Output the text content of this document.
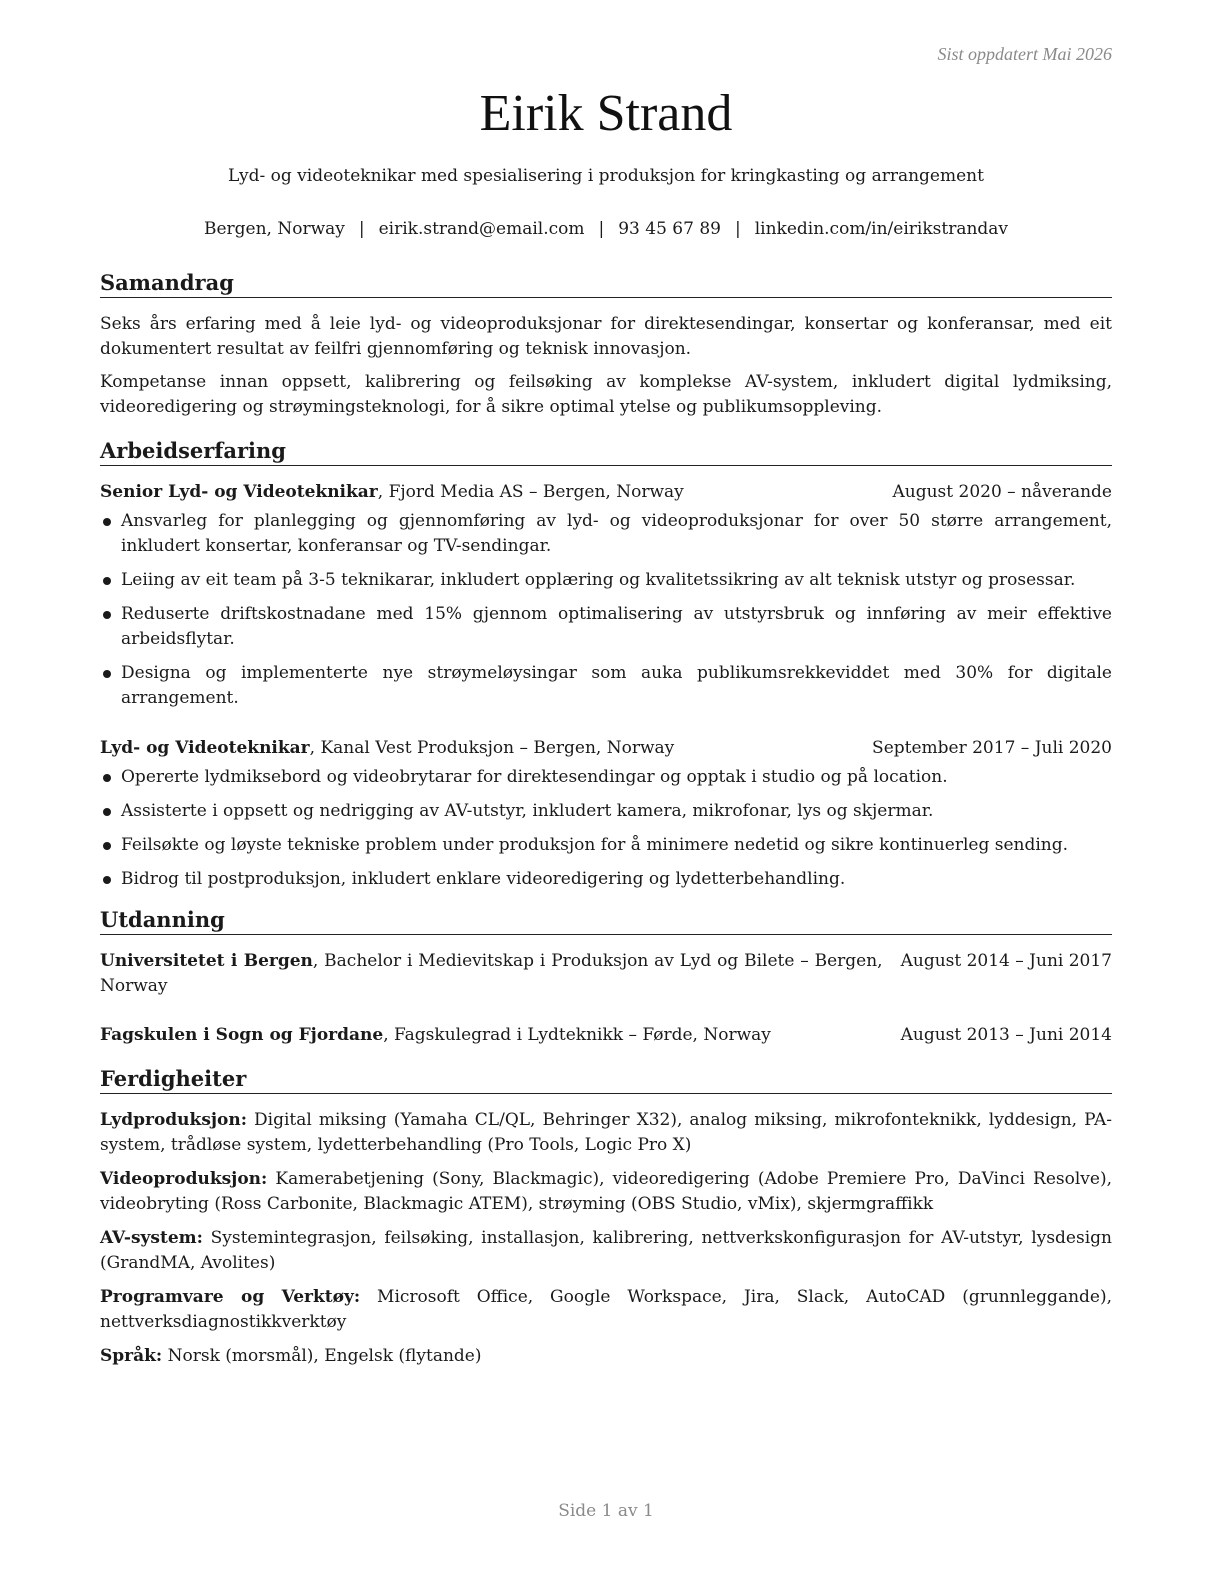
Sist oppdatert Mai 2026
Eirik Strand

Lyd- og videoteknikar med spesialisering i produksjon for kringkasting og arrangement

Bergen, Norway | eirik.strand@email.com | 93 45 67 89 | linkedin.com/in/eirikstrandav
Samandrag

Seks års erfaring med å leie lyd- og videoproduksjonar for direktesendingar, konsertar og konferansar, med eit dokumentert resultat av feilfri gjennomføring og teknisk innovasjon.

Kompetanse innan oppsett, kalibrering og feilsøking av komplekse AV-system, inkludert digital lydmiksing, videoredigering og strøymingsteknologi, for å sikre optimal ytelse og publikumsoppleving.

Arbeidserfaring
Senior Lyd- og Videoteknikar, Fjord Media AS – Bergen, Norway	August 2020 – nåverande
Ansvarleg for planlegging og gjennomføring av lyd- og videoproduksjonar for over 50 større arrangement, inkludert konsertar, konferansar og TV-sendingar.
Leiing av eit team på 3-5 teknikarar, inkludert opplæring og kvalitetssikring av alt teknisk utstyr og prosessar.
Reduserte driftskostnadane med 15% gjennom optimalisering av utstyrsbruk og innføring av meir effektive arbeidsflytar.
Designa og implementerte nye strøymeløysingar som auka publikumsrekkeviddet med 30% for digitale arrangement.
Lyd- og Videoteknikar, Kanal Vest Produksjon – Bergen, Norway	September 2017 – Juli 2020
Opererte lydmiksebord og videobrytarar for direktesendingar og opptak i studio og på location.
Assisterte i oppsett og nedrigging av AV-utstyr, inkludert kamera, mikrofonar, lys og skjermar.
Feilsøkte og løyste tekniske problem under produksjon for å minimere nedetid og sikre kontinuerleg sending.
Bidrog til postproduksjon, inkludert enklare videoredigering og lydetterbehandling.
Utdanning
Universitetet i Bergen, Bachelor i Medievitskap i Produksjon av Lyd og Bilete – Bergen, Norway
August 2014 – Juni 2017
Fagskulen i Sogn og Fjordane, Fagskulegrad i Lydteknikk – Førde, Norway	August 2013 – Juni 2014
Ferdigheiter

Lydproduksjon: Digital miksing (Yamaha CL/QL, Behringer X32), analog miksing, mikrofonteknikk, lyddesign, PA-system, trådløse system, lydetterbehandling (Pro Tools, Logic Pro X)

Videoproduksjon: Kamerabetjening (Sony, Blackmagic), videoredigering (Adobe Premiere Pro, DaVinci Resolve), videobryting (Ross Carbonite, Blackmagic ATEM), strøyming (OBS Studio, vMix), skjermgraffikk

AV-system: Systemintegrasjon, feilsøking, installasjon, kalibrering, nettverkskonfigurasjon for AV-utstyr, lysdesign (GrandMA, Avolites)

Programvare og Verktøy: Microsoft Office, Google Workspace, Jira, Slack, AutoCAD (grunnleggande), nettverksdiagnostikkverktøy

Språk: Norsk (morsmål), Engelsk (flytande)

Side 1 av 1
